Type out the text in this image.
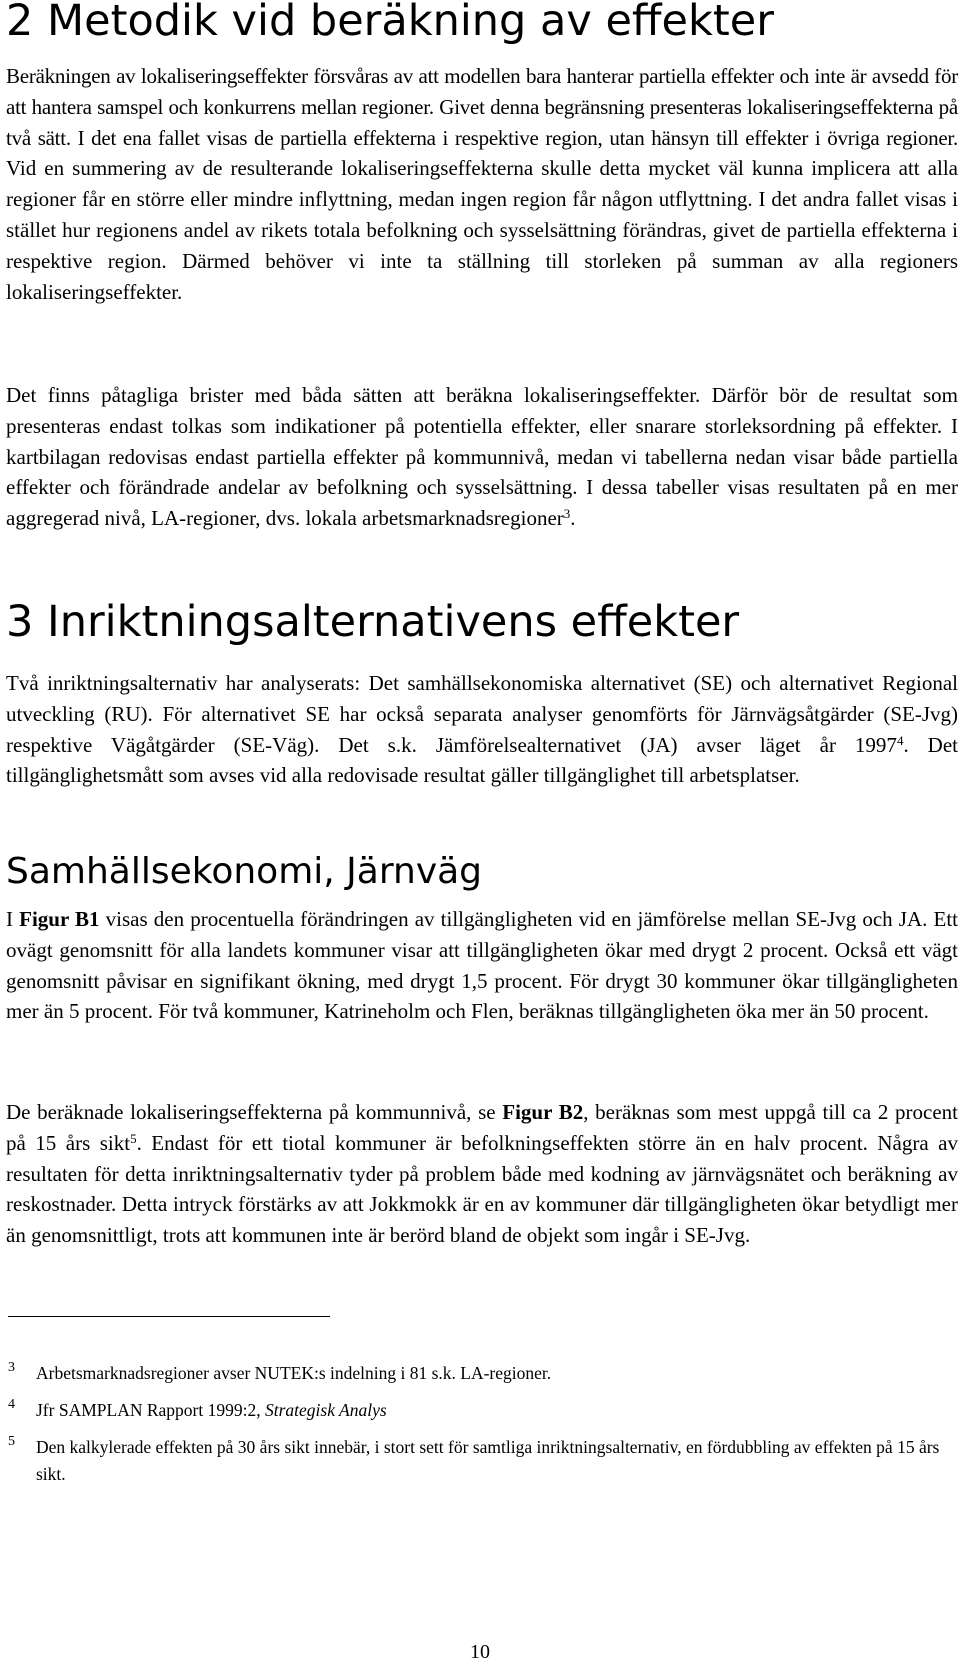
2 Metodik vid beräkning av effekter

Beräkningen av lokaliseringseffekter försvåras av att modellen bara hanterar partiella effekter och inte är avsedd för att hantera samspel och konkurrens mellan regioner. Givet denna begränsning presenteras lokaliseringseffekterna på två sätt. I det ena fallet visas de partiella effekterna i respektive region, utan hänsyn till effekter i övriga regioner. Vid en summering av de resulterande lokaliseringseffekterna skulle detta mycket väl kunna implicera att alla regioner får en större eller mindre inflyttning, medan ingen region får någon utflyttning. I det andra fallet visas i stället hur regionens andel av rikets totala befolkning och sysselsättning förändras, givet de partiella effekterna i respektive region. Därmed behöver vi inte ta ställning till storleken på summan av alla regioners lokaliseringseffekter.

Det finns påtagliga brister med båda sätten att beräkna lokaliseringseffekter. Därför bör de resultat som presenteras endast tolkas som indikationer på potentiella effekter, eller snarare storleksordning på effekter. I kartbilagan redovisas endast partiella effekter på kommunnivå, medan vi tabellerna nedan visar både partiella effekter och förändrade andelar av befolkning och sysselsättning. I dessa tabeller visas resultaten på en mer aggregerad nivå, LA-regioner, dvs. lokala arbetsmarknadsregioner$^3$.

3 Inriktningsalternativens effekter

Två inriktningsalternativ har analyserats: Det samhällsekonomiska alternativet (SE) och alternativet Regional utveckling (RU). För alternativet SE har också separata analyser genomförts för Järnvägsåtgärder (SE-Jvg) respektive Vägåtgärder (SE-Väg). Det s.k. Jämförelsealternativet (JA) avser läget år 1997$^4$. Det tillgänglighetsmått som avses vid alla redovisade resultat gäller tillgänglighet till arbetsplatser.

Samhällsekonomi, Järnväg

I Figur B1 visas den procentuella förändringen av tillgängligheten vid en jämförelse mellan SE-Jvg och JA. Ett ovägt genomsnitt för alla landets kommuner visar att tillgängligheten ökar med drygt 2 procent. Också ett vägt genomsnitt påvisar en signifikant ökning, med drygt 1,5 procent. För drygt 30 kommuner ökar tillgängligheten mer än 5 procent. För två kommuner, Katrineholm och Flen, beräknas tillgängligheten öka mer än 50 procent.

De beräknade lokaliseringseffekterna på kommunnivå, se Figur B2, beräknas som mest uppgå till ca 2 procent på 15 års sikt$^5$. Endast för ett tiotal kommuner är befolkningseffekten större än en halv procent. Några av resultaten för detta inriktningsalternativ tyder på problem både med kodning av järnvägsnätet och beräkning av reskostnader. Detta intryck förstärks av att Jokkmokk är en av kommuner där tillgängligheten ökar betydligt mer än genomsnittligt, trots att kommunen inte är berörd bland de objekt som ingår i SE-Jvg.

3 Arbetsmarknadsregioner avser NUTEK:s indelning i 81 s.k. LA-regioner.
4 Jfr SAMPLAN Rapport 1999:2, Strategisk Analys
5 Den kalkylerade effekten på 30 års sikt innebär, i stort sett för samtliga inriktningsalternativ, en fördubbling av effekten på 15 års sikt.
10
